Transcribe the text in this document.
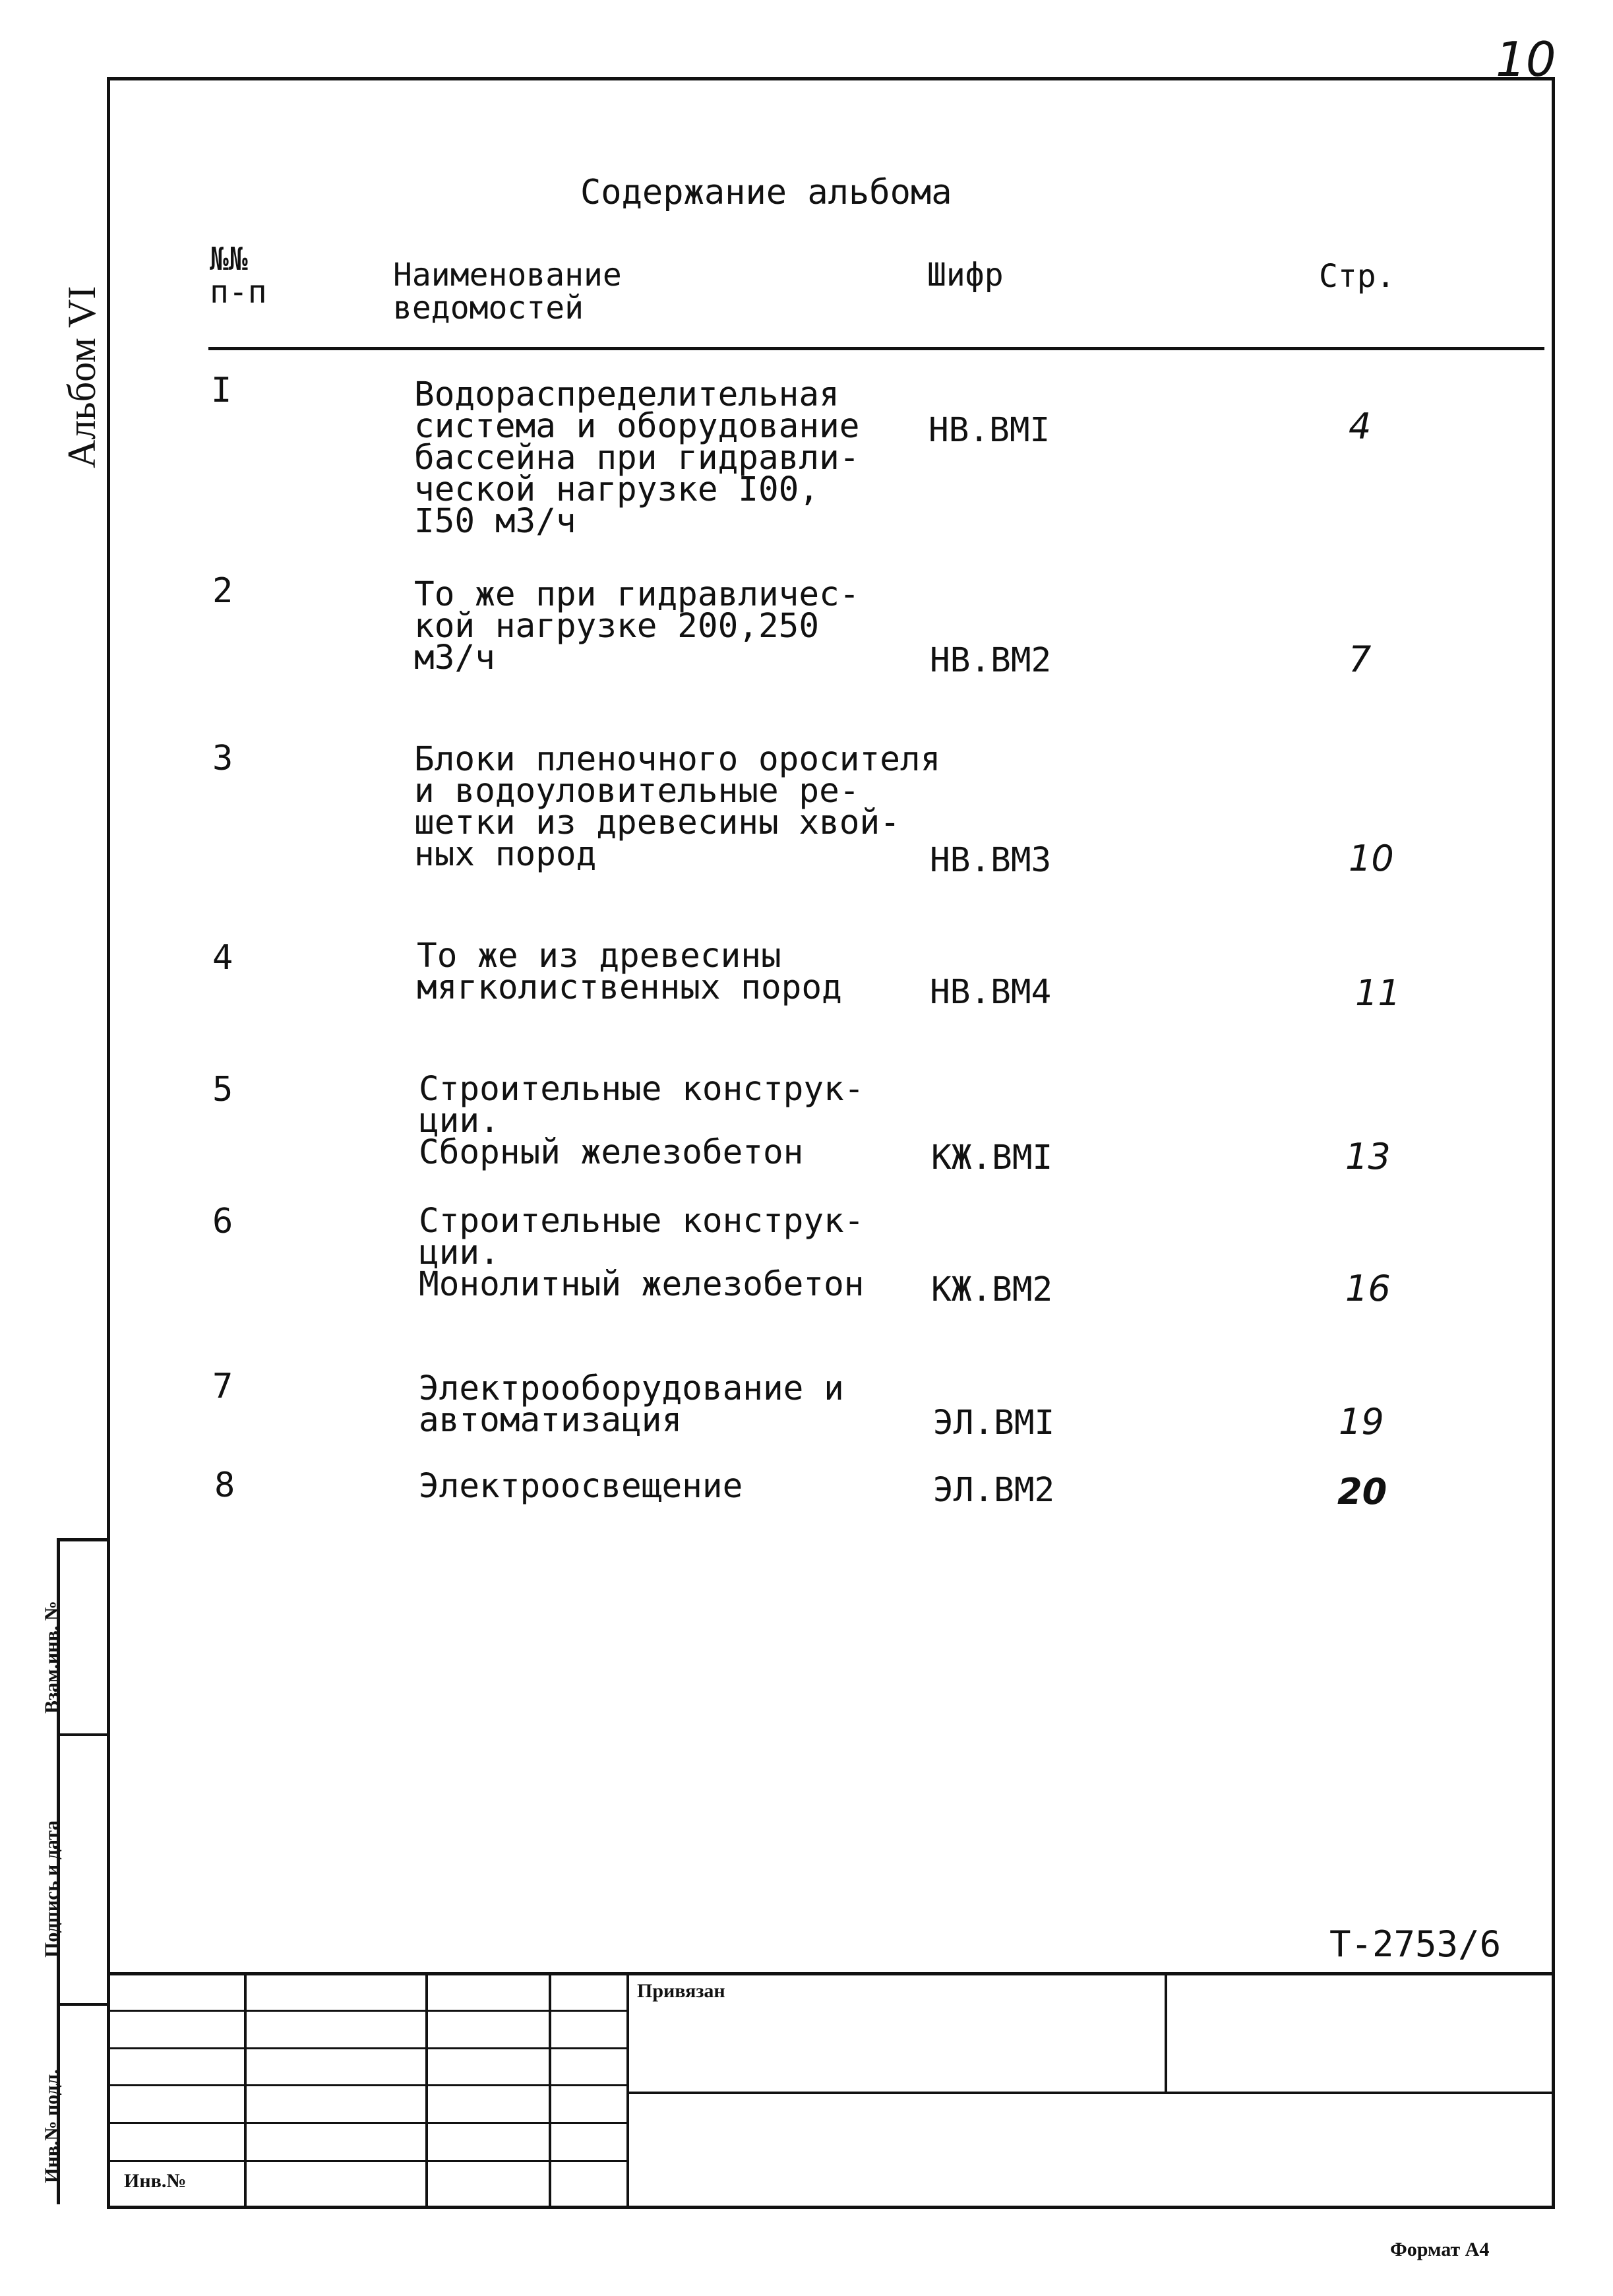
10
Альбом VI
Содержание альбома
№№
п-п	Наименование
ведомостей
Шифр	Стр.
I	Водораспределительная
система и оборудование
бассейна при гидравли-
ческой нагрузке I00,
I50 м3/ч
НВ.ВМI	4
2	То же при гидравличес-
кой нагрузке 200,250
м3/ч	НВ.ВМ2	7
3	Блоки пленочного оросителя
и водоуловительные ре-
шетки из древесины хвой-
ных пород	НВ.ВМ3	10
4	То же из древесины
мягколиственных пород	НВ.ВМ4	11
5	Строительные конструк-
ции.
Сборный железобетон	КЖ.ВМI	13
6	Строительные конструк-
ции.
Монолитный железобетон КЖ.ВМ2	16
7	Электрооборудование и
автоматизация	ЭЛ.ВМI	19
8	Электроосвещение	ЭЛ.ВМ2	20
Т-2753/6
Взам.инв. №
Подпись и дата
Инв.№ подл.
Привязан
Инв.№
Формат А4
